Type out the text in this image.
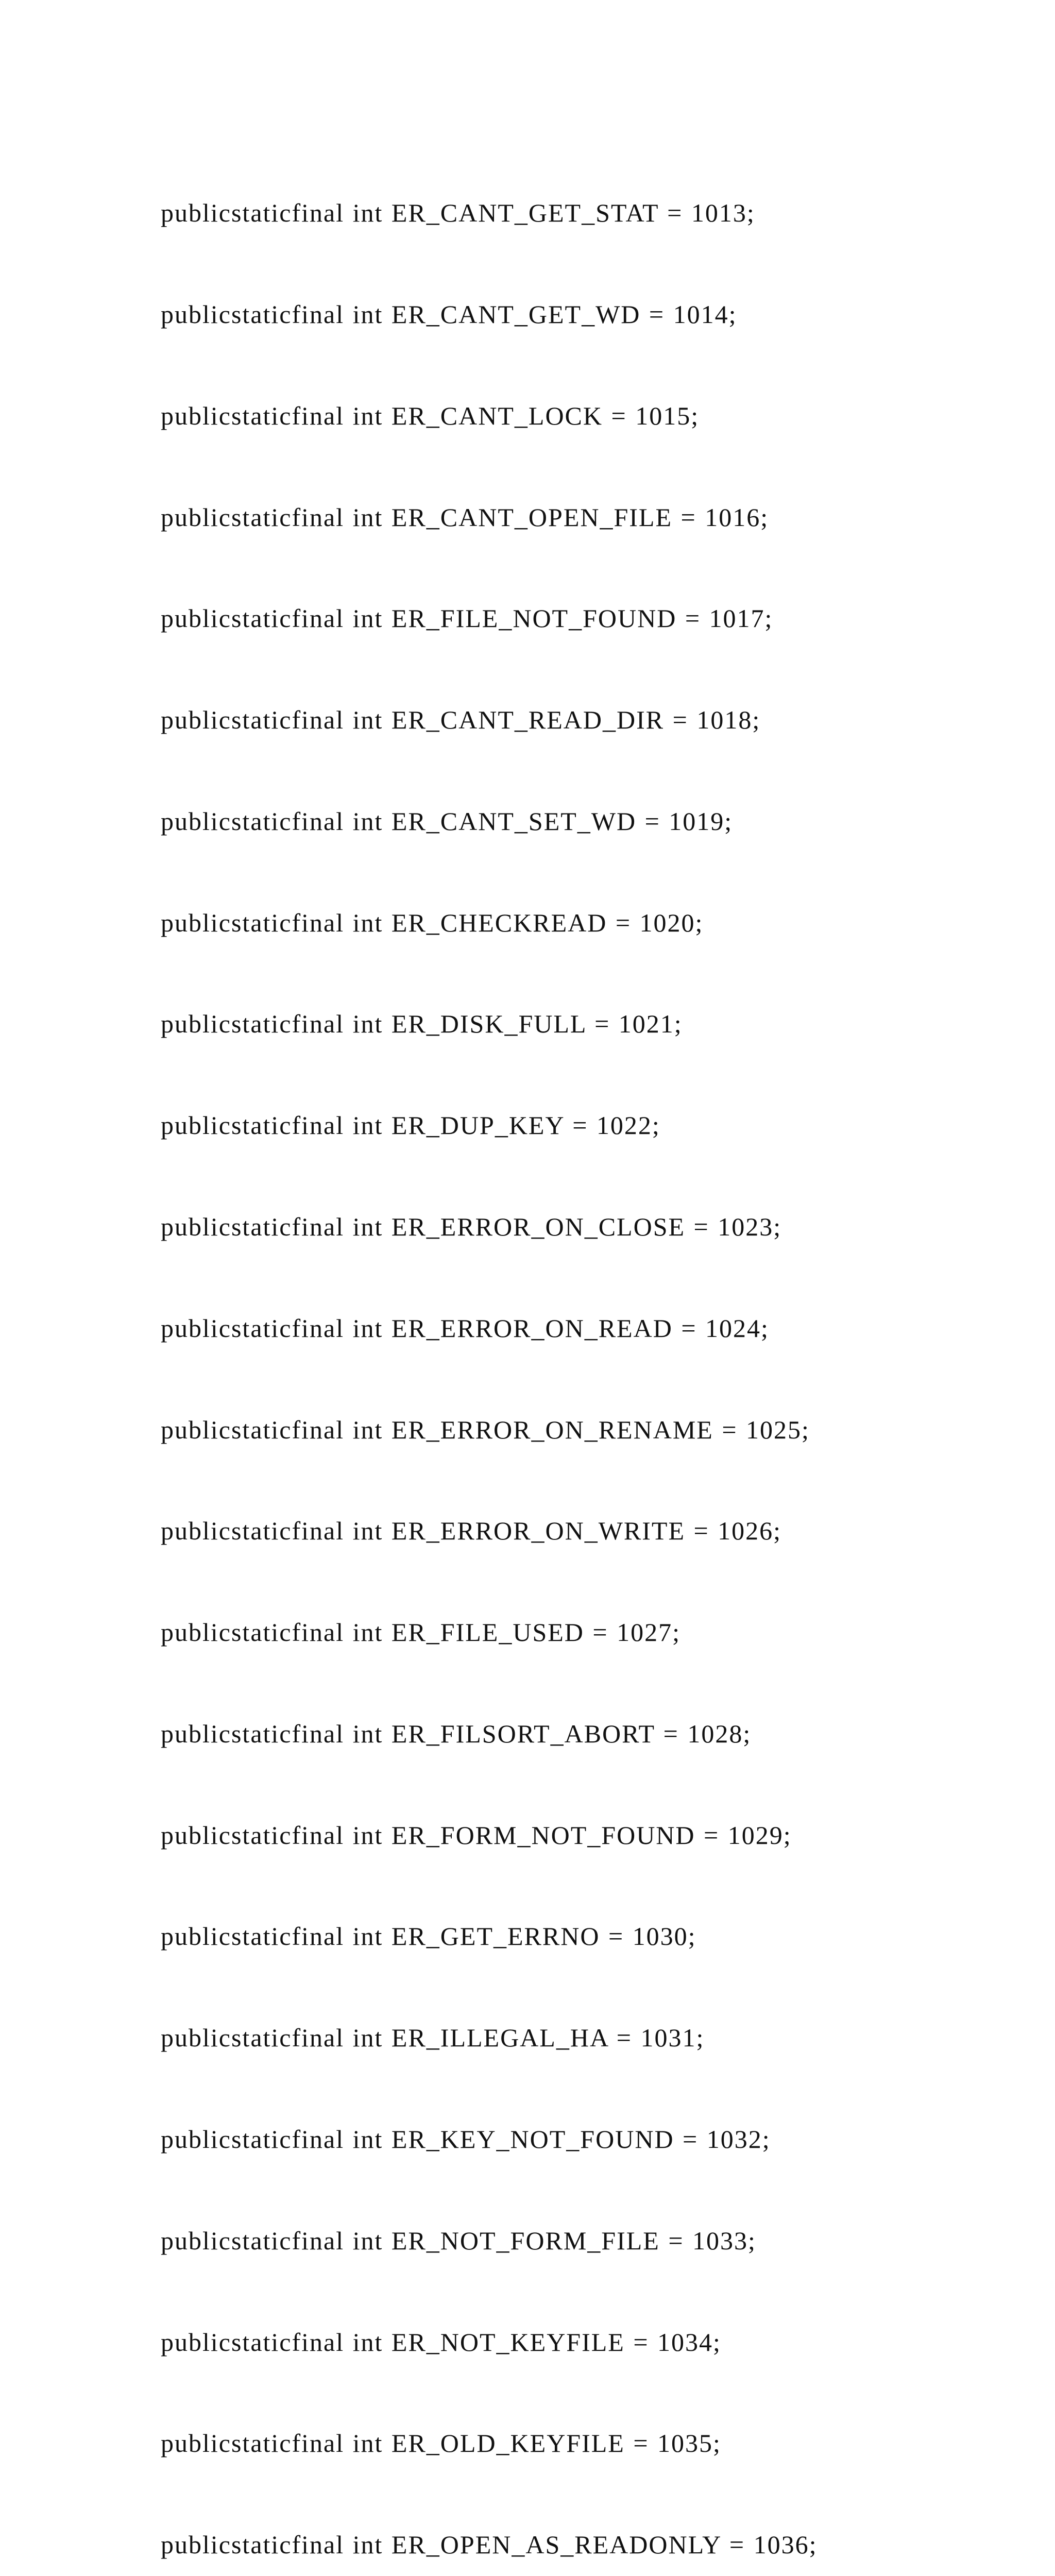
publicstaticfinal int ER_CANT_GET_STAT = 1013;

publicstaticfinal int ER_CANT_GET_WD = 1014;

publicstaticfinal int ER_CANT_LOCK = 1015;

publicstaticfinal int ER_CANT_OPEN_FILE = 1016;

publicstaticfinal int ER_FILE_NOT_FOUND = 1017;

publicstaticfinal int ER_CANT_READ_DIR = 1018;

publicstaticfinal int ER_CANT_SET_WD = 1019;

publicstaticfinal int ER_CHECKREAD = 1020;

publicstaticfinal int ER_DISK_FULL = 1021;

publicstaticfinal int ER_DUP_KEY = 1022;

publicstaticfinal int ER_ERROR_ON_CLOSE = 1023;

publicstaticfinal int ER_ERROR_ON_READ = 1024;

publicstaticfinal int ER_ERROR_ON_RENAME = 1025;

publicstaticfinal int ER_ERROR_ON_WRITE = 1026;

publicstaticfinal int ER_FILE_USED = 1027;

publicstaticfinal int ER_FILSORT_ABORT = 1028;

publicstaticfinal int ER_FORM_NOT_FOUND = 1029;

publicstaticfinal int ER_GET_ERRNO = 1030;

publicstaticfinal int ER_ILLEGAL_HA = 1031;

publicstaticfinal int ER_KEY_NOT_FOUND = 1032;

publicstaticfinal int ER_NOT_FORM_FILE = 1033;

publicstaticfinal int ER_NOT_KEYFILE = 1034;

publicstaticfinal int ER_OLD_KEYFILE = 1035;

publicstaticfinal int ER_OPEN_AS_READONLY = 1036;
